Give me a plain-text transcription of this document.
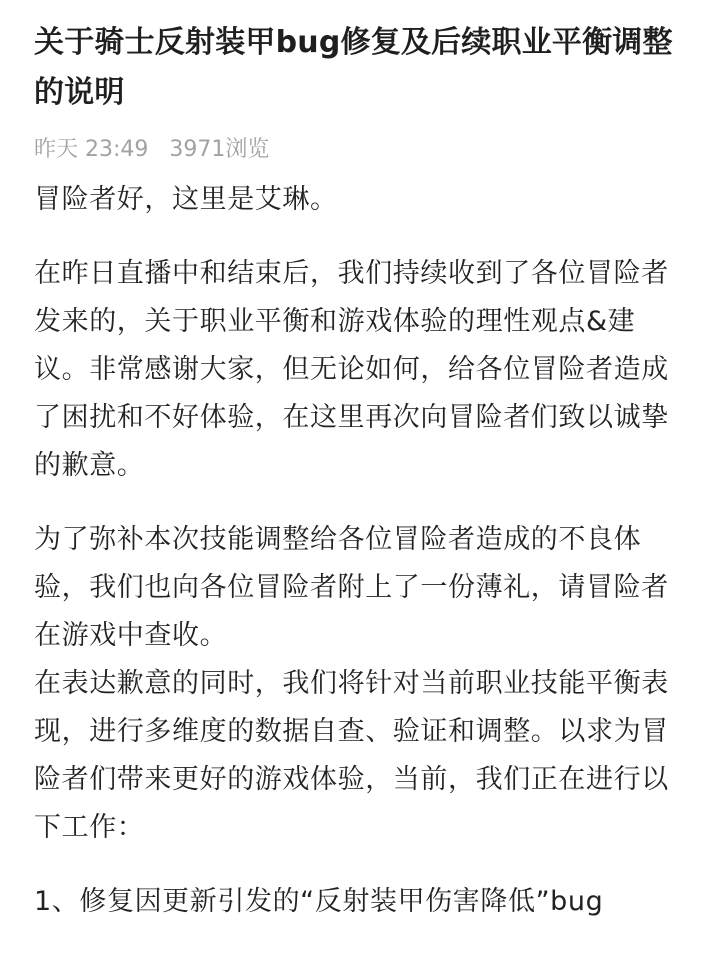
关于骑士反射装甲bug修复及后续职业平衡调整的说明
昨天 23:49 3971浏览

冒险者好，这里是艾琳。

在昨日直播中和结束后，我们持续收到了各位冒险者发来的，关于职业平衡和游戏体验的理性观点&建议。非常感谢大家，但无论如何，给各位冒险者造成了困扰和不好体验，在这里再次向冒险者们致以诚挚的歉意。

为了弥补本次技能调整给各位冒险者造成的不良体验，我们也向各位冒险者附上了一份薄礼，请冒险者在游戏中查收。

在表达歉意的同时，我们将针对当前职业技能平衡表现，进行多维度的数据自查、验证和调整。以求为冒险者们带来更好的游戏体验，当前，我们正在进行以下工作：

1、修复因更新引发的“反射装甲伤害降低”bug
